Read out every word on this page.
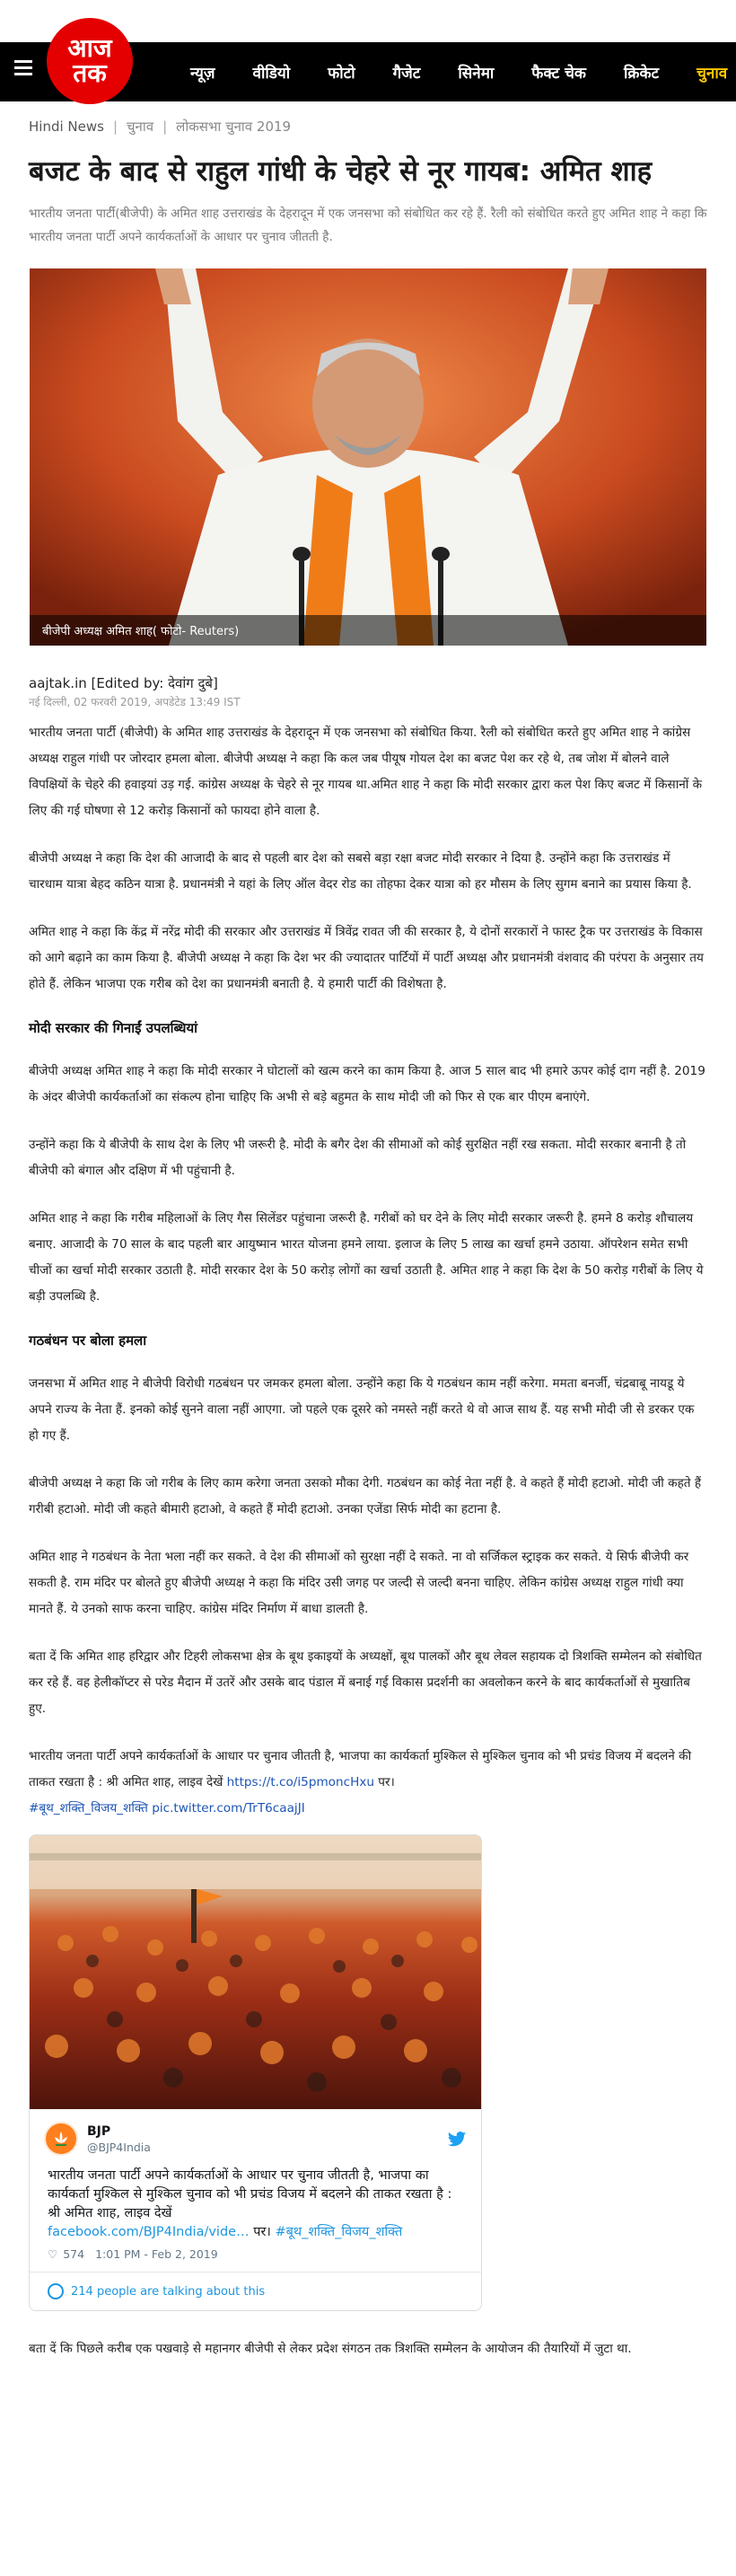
आज
तक	न्यूज़ वीडियो फोटो गैजेट सिनेमा फैक्ट चेक क्रिकेट चुनाव
Hindi News | चुनाव | लोकसभा चुनाव 2019
बजट के बाद से राहुल गांधी के चेहरे से नूर गायब: अमित शाह

भारतीय जनता पार्टी(बीजेपी) के अमित शाह उत्तराखंड के देहरादून में एक जनसभा को संबोधित कर रहे हैं. रैली को संबोधित करते हुए अमित शाह ने कहा कि भारतीय जनता पार्टी अपने कार्यकर्ताओं के आधार पर चुनाव जीतती है.

बीजेपी अध्यक्ष अमित शाह( फोटो- Reuters)
aajtak.in [Edited by: देवांग दुबे]
नई दिल्ली, 02 फरवरी 2019, अपडेटेड 13:49 IST

भारतीय जनता पार्टी (बीजेपी) के अमित शाह उत्तराखंड के देहरादून में एक जनसभा को संबोधित किया. रैली को संबोधित करते हुए अमित शाह ने कांग्रेस अध्यक्ष राहुल गांधी पर जोरदार हमला बोला. बीजेपी अध्यक्ष ने कहा कि कल जब पीयूष गोयल देश का बजट पेश कर रहे थे, तब जोश में बोलने वाले विपक्षियों के चेहरे की हवाइयां उड़ गई. कांग्रेस अध्यक्ष के चेहरे से नूर गायब था.अमित शाह ने कहा कि मोदी सरकार द्वारा कल पेश किए बजट में किसानों के लिए की गई घोषणा से 12 करोड़ किसानों को फायदा होने वाला है.

बीजेपी अध्यक्ष ने कहा कि देश की आजादी के बाद से पहली बार देश को सबसे बड़ा रक्षा बजट मोदी सरकार ने दिया है. उन्होंने कहा कि उत्तराखंड में चारधाम यात्रा बेहद कठिन यात्रा है. प्रधानमंत्री ने यहां के लिए ऑल वेदर रोड का तोहफा देकर यात्रा को हर मौसम के लिए सुगम बनाने का प्रयास किया है.

अमित शाह ने कहा कि केंद्र में नरेंद्र मोदी की सरकार और उत्तराखंड में त्रिवेंद्र रावत जी की सरकार है, ये दोनों सरकारों ने फास्ट ट्रैक पर उत्तराखंड के विकास को आगे बढ़ाने का काम किया है. बीजेपी अध्यक्ष ने कहा कि देश भर की ज्यादातर पार्टियों में पार्टी अध्यक्ष और प्रधानमंत्री वंशवाद की परंपरा के अनुसार तय होते हैं. लेकिन भाजपा एक गरीब को देश का प्रधानमंत्री बनाती है. ये हमारी पार्टी की विशेषता है.

मोदी सरकार की गिनाईं उपलब्धियां

बीजेपी अध्यक्ष अमित शाह ने कहा कि मोदी सरकार ने घोटालों को खत्म करने का काम किया है. आज 5 साल बाद भी हमारे ऊपर कोई दाग नहीं है. 2019 के अंदर बीजेपी कार्यकर्ताओं का संकल्प होना चाहिए कि अभी से बड़े बहुमत के साथ मोदी जी को फिर से एक बार पीएम बनाएंगे.

उन्होंने कहा कि ये बीजेपी के साथ देश के लिए भी जरूरी है. मोदी के बगैर देश की सीमाओं को कोई सुरक्षित नहीं रख सकता. मोदी सरकार बनानी है तो बीजेपी को बंगाल और दक्षिण में भी पहुंचानी है.

अमित शाह ने कहा कि गरीब महिलाओं के लिए गैस सिलेंडर पहुंचाना जरूरी है. गरीबों को घर देने के लिए मोदी सरकार जरूरी है. हमने 8 करोड़ शौचालय बनाए. आजादी के 70 साल के बाद पहली बार आयुष्मान भारत योजना हमने लाया. इलाज के लिए 5 लाख का खर्चा हमने उठाया. ऑपरेशन समेत सभी चीजों का खर्चा मोदी सरकार उठाती है. मोदी सरकार देश के 50 करोड़ लोगों का खर्चा उठाती है. अमित शाह ने कहा कि देश के 50 करोड़ गरीबों के लिए ये बड़ी उपलब्धि है.

गठबंधन पर बोला हमला

जनसभा में अमित शाह ने बीजेपी विरोधी गठबंधन पर जमकर हमला बोला. उन्होंने कहा कि ये गठबंधन काम नहीं करेगा. ममता बनर्जी, चंद्रबाबू नायडू ये अपने राज्य के नेता हैं. इनको कोई सुनने वाला नहीं आएगा. जो पहले एक दूसरे को नमस्ते नहीं करते थे वो आज साथ हैं. यह सभी मोदी जी से डरकर एक हो गए हैं.

बीजेपी अध्यक्ष ने कहा कि जो गरीब के लिए काम करेगा जनता उसको मौका देगी. गठबंधन का कोई नेता नहीं है. वे कहते हैं मोदी हटाओ. मोदी जी कहते हैं गरीबी हटाओ. मोदी जी कहते बीमारी हटाओ, वे कहते हैं मोदी हटाओ. उनका एजेंडा सिर्फ मोदी का हटाना है.

अमित शाह ने गठबंधन के नेता भला नहीं कर सकते. वे देश की सीमाओं को सुरक्षा नहीं दे सकते. ना वो सर्जिकल स्ट्राइक कर सकते. ये सिर्फ बीजेपी कर सकती है. राम मंदिर पर बोलते हुए बीजेपी अध्यक्ष ने कहा कि मंदिर उसी जगह पर जल्दी से जल्दी बनना चाहिए. लेकिन कांग्रेस अध्यक्ष राहुल गांधी क्या मानते हैं. ये उनको साफ करना चाहिए. कांग्रेस मंदिर निर्माण में बाधा डालती है.

बता दें कि अमित शाह हरिद्वार और टिहरी लोकसभा क्षेत्र के बूथ इकाइयों के अध्यक्षों, बूथ पालकों और बूथ लेवल सहायक दो त्रिशक्ति सम्मेलन को संबोधित कर रहे हैं. वह हेलीकॉप्टर से परेड मैदान में उतरें और उसके बाद पंडाल में बनाई गई विकास प्रदर्शनी का अवलोकन करने के बाद कार्यकर्ताओं से मुखातिब हुए.

भारतीय जनता पार्टी अपने कार्यकर्ताओं के आधार पर चुनाव जीतती है, भाजपा का कार्यकर्ता मुश्किल से मुश्किल चुनाव को भी प्रचंड विजय में बदलने की ताकत रखता है : श्री अमित शाह, लाइव देखें https://t.co/i5pmoncHxu पर।
#बूथ_शक्ति_विजय_शक्ति pic.twitter.com/TrT6caajJI

BJP
@BJP4India
भारतीय जनता पार्टी अपने कार्यकर्ताओं के आधार पर चुनाव जीतती है, भाजपा का कार्यकर्ता मुश्किल से मुश्किल चुनाव को भी प्रचंड विजय में बदलने की ताकत रखता है : श्री अमित शाह, लाइव देखें
facebook.com/BJP4India/vide… पर। #बूथ_शक्ति_विजय_शक्ति
♡ 574 1:01 PM - Feb 2, 2019
214 people are talking about this

बता दें कि पिछले करीब एक पखवाड़े से महानगर बीजेपी से लेकर प्रदेश संगठन तक त्रिशक्ति सम्मेलन के आयोजन की तैयारियों में जुटा था.
